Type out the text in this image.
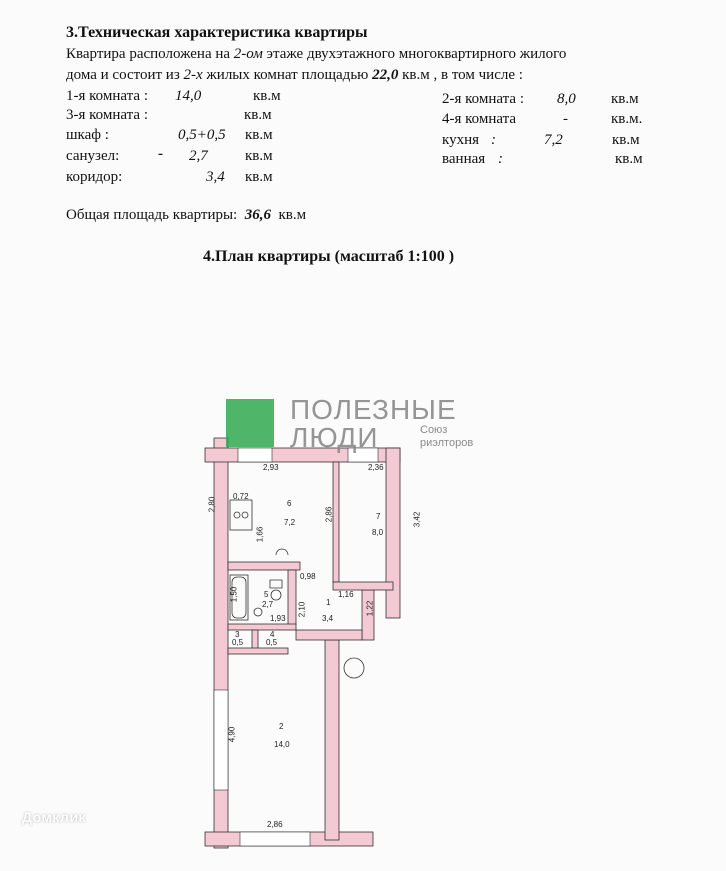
3.Техническая характеристика квартиры
Квартира расположена на 2-ом этаже двухэтажного многоквартирного жилого
дома и состоит из 2-х жилых комнат площадью 22,0 кв.м , в том числе :
1-я комната : 14,0	кв.м
3-я комната :	кв.м
шкаф :	0,5+0,5 кв.м
санузел:	- 2,7 кв.м
коридор:	3,4 кв.м
2-я комната : 8,0 кв.м
4-я комната	-	кв.м.
кухня :	7,2	кв.м
ванная :	кв.м
Общая площадь квартиры: 36,6 кв.м
4.План квартиры (масштаб 1:100 )
2,93	2,36
2,80
0,72
1,66
2,86	3,42
0,98
1,16
2,10
1,50
1,93
1,22
4,90
2,86
6
7,2
7
8,0
5
2,7	1
3,4
3
0,5
4
0,5
2
14,0
ПОЛЕЗНЫЕ
ЛЮДИ	Союз
риэлторов
Домклик
